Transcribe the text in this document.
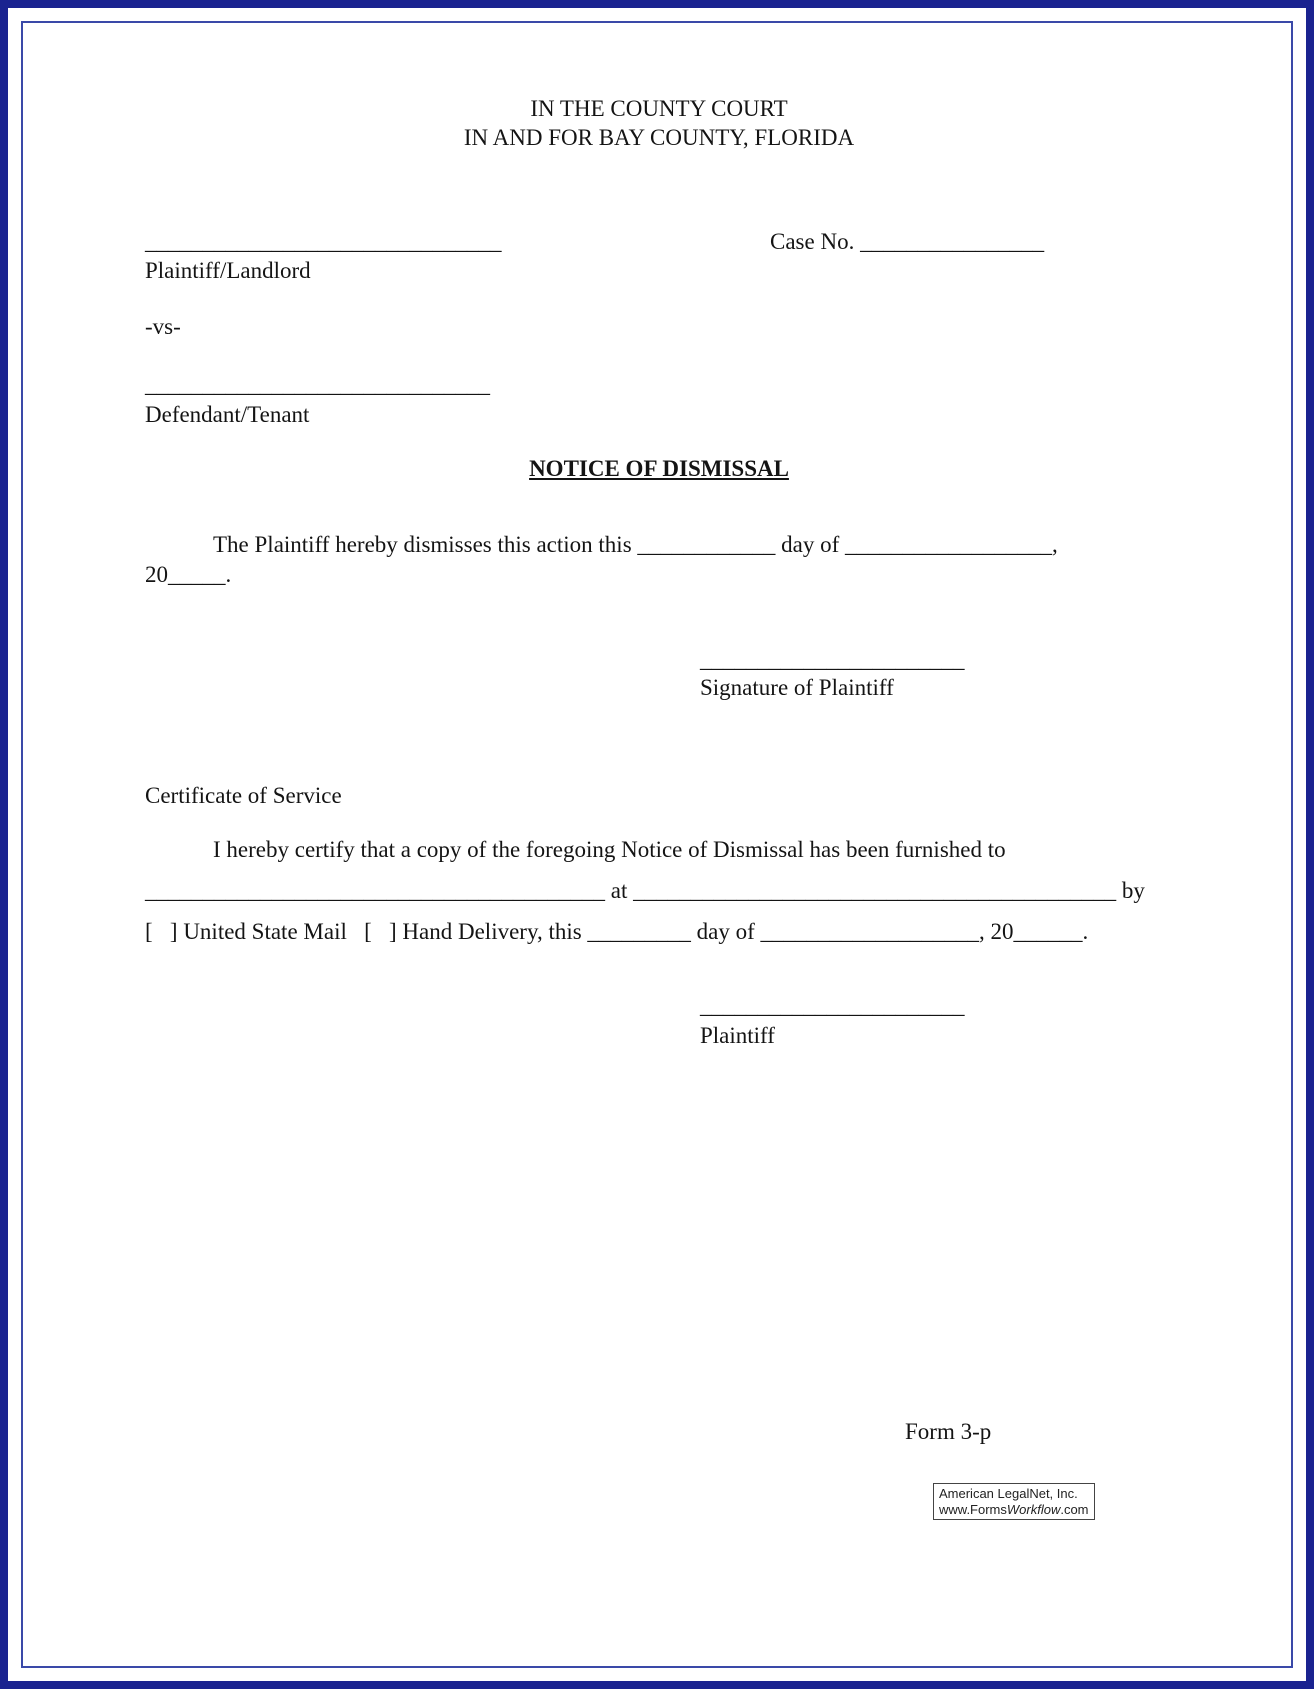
IN THE COUNTY COURT
IN AND FOR BAY COUNTY, FLORIDA
_______________________________
Plaintiff/Landlord
Case No. ________________
-vs-
______________________________
Defendant/Tenant
NOTICE OF DISMISSAL
The Plaintiff hereby dismisses this action this ____________ day of __________________,
20_____.
_______________________
Signature of Plaintiff
Certificate of Service
I hereby certify that a copy of the foregoing Notice of Dismissal has been furnished to
________________________________________ at __________________________________________ by
[   ] United State Mail   [   ] Hand Delivery, this _________ day of ___________________, 20______.
_______________________
Plaintiff
Form 3-p
American LegalNet, Inc.
www.FormsWorkflow.com
